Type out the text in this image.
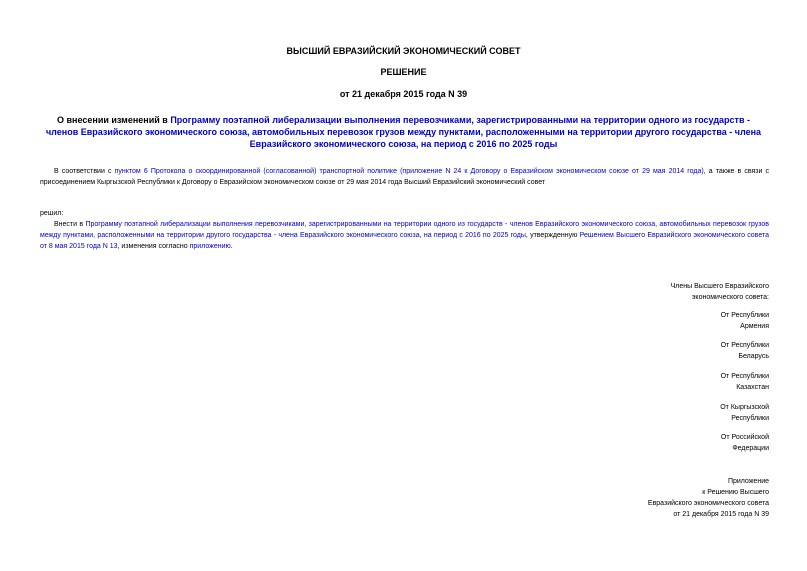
ВЫСШИЙ ЕВРАЗИЙСКИЙ ЭКОНОМИЧЕСКИЙ СОВЕТ
РЕШЕНИЕ
от 21 декабря 2015 года N 39
О внесении изменений в Программу поэтапной либерализации выполнения перевозчиками, зарегистрированными на территории одного из государств - членов Евразийского экономического союза, автомобильных перевозок грузов между пунктами, расположенными на территории другого государства - члена Евразийского экономического союза, на период с 2016 по 2025 годы
В соответствии с пунктом 6 Протокола о скоординированной (согласованной) транспортной политике (приложение N 24 к Договору о Евразийском экономическом союзе от 29 мая 2014 года), а также в связи с присоединением Кыргызской Республики к Договору о Евразийском экономическом союзе от 29 мая 2014 года Высший Евразийский экономический совет
решил:
Внести в Программу поэтапной либерализации выполнения перевозчиками, зарегистрированными на территории одного из государств - членов Евразийского экономического союза, автомобильных перевозок грузов между пунктами, расположенными на территории другого государства - члена Евразийского экономического союза, на период с 2016 по 2025 годы, утвержденную Решением Высшего Евразийского экономического совета от 8 мая 2015 года N 13, изменения согласно приложению.
Члены Высшего Евразийского
экономического совета:
От Республики
Армения
От Республики
Беларусь
От Республики
Казахстан
От Кыргызской
Республики
От Российской
Федерации
Приложение
к Решению Высшего
Евразийского экономического совета
от 21 декабря 2015 года N 39
